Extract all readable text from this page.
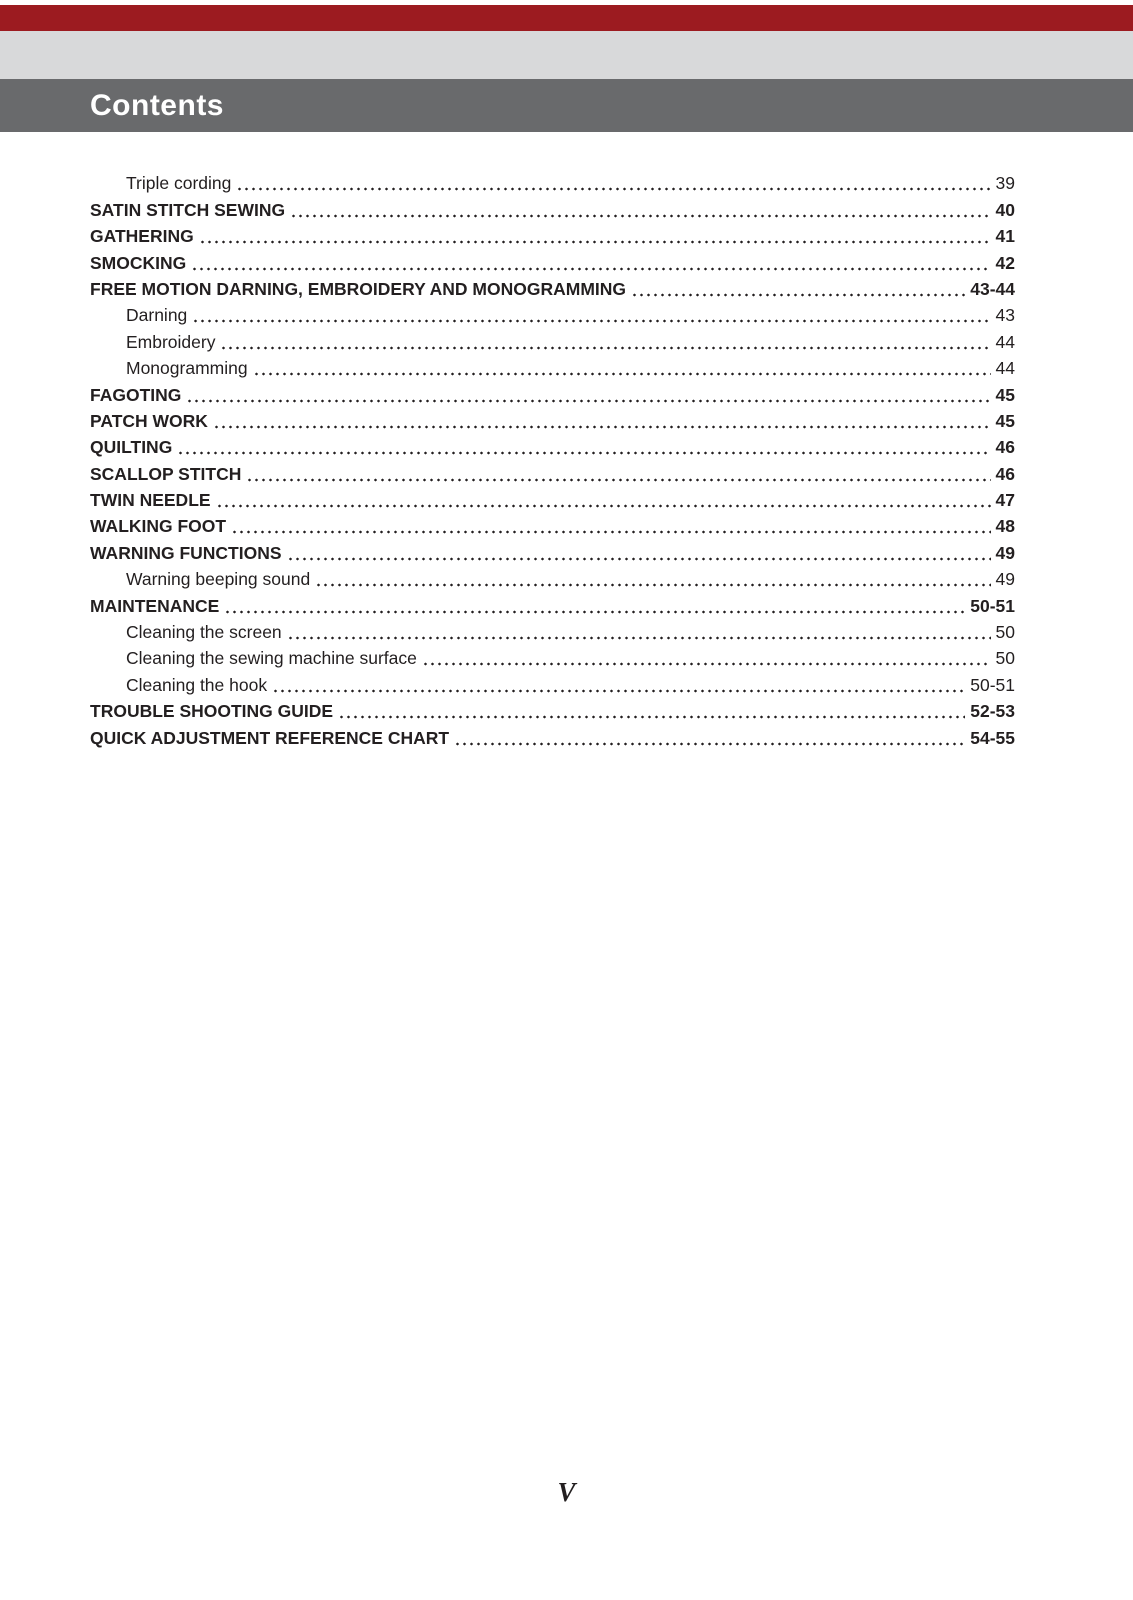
Contents
Triple cording	39
SATIN STITCH SEWING	40
GATHERING	41
SMOCKING	42
FREE MOTION DARNING, EMBROIDERY AND MONOGRAMMING	43-44
Darning	43
Embroidery	44
Monogramming	44
FAGOTING	45
PATCH WORK	45
QUILTING	46
SCALLOP STITCH	46
TWIN NEEDLE	47
WALKING FOOT	48
WARNING FUNCTIONS	49
Warning beeping sound	49
MAINTENANCE	50-51
Cleaning the screen	50
Cleaning the sewing machine surface	50
Cleaning the hook	50-51
TROUBLE SHOOTING GUIDE	52-53
QUICK ADJUSTMENT REFERENCE CHART	54-55
V
